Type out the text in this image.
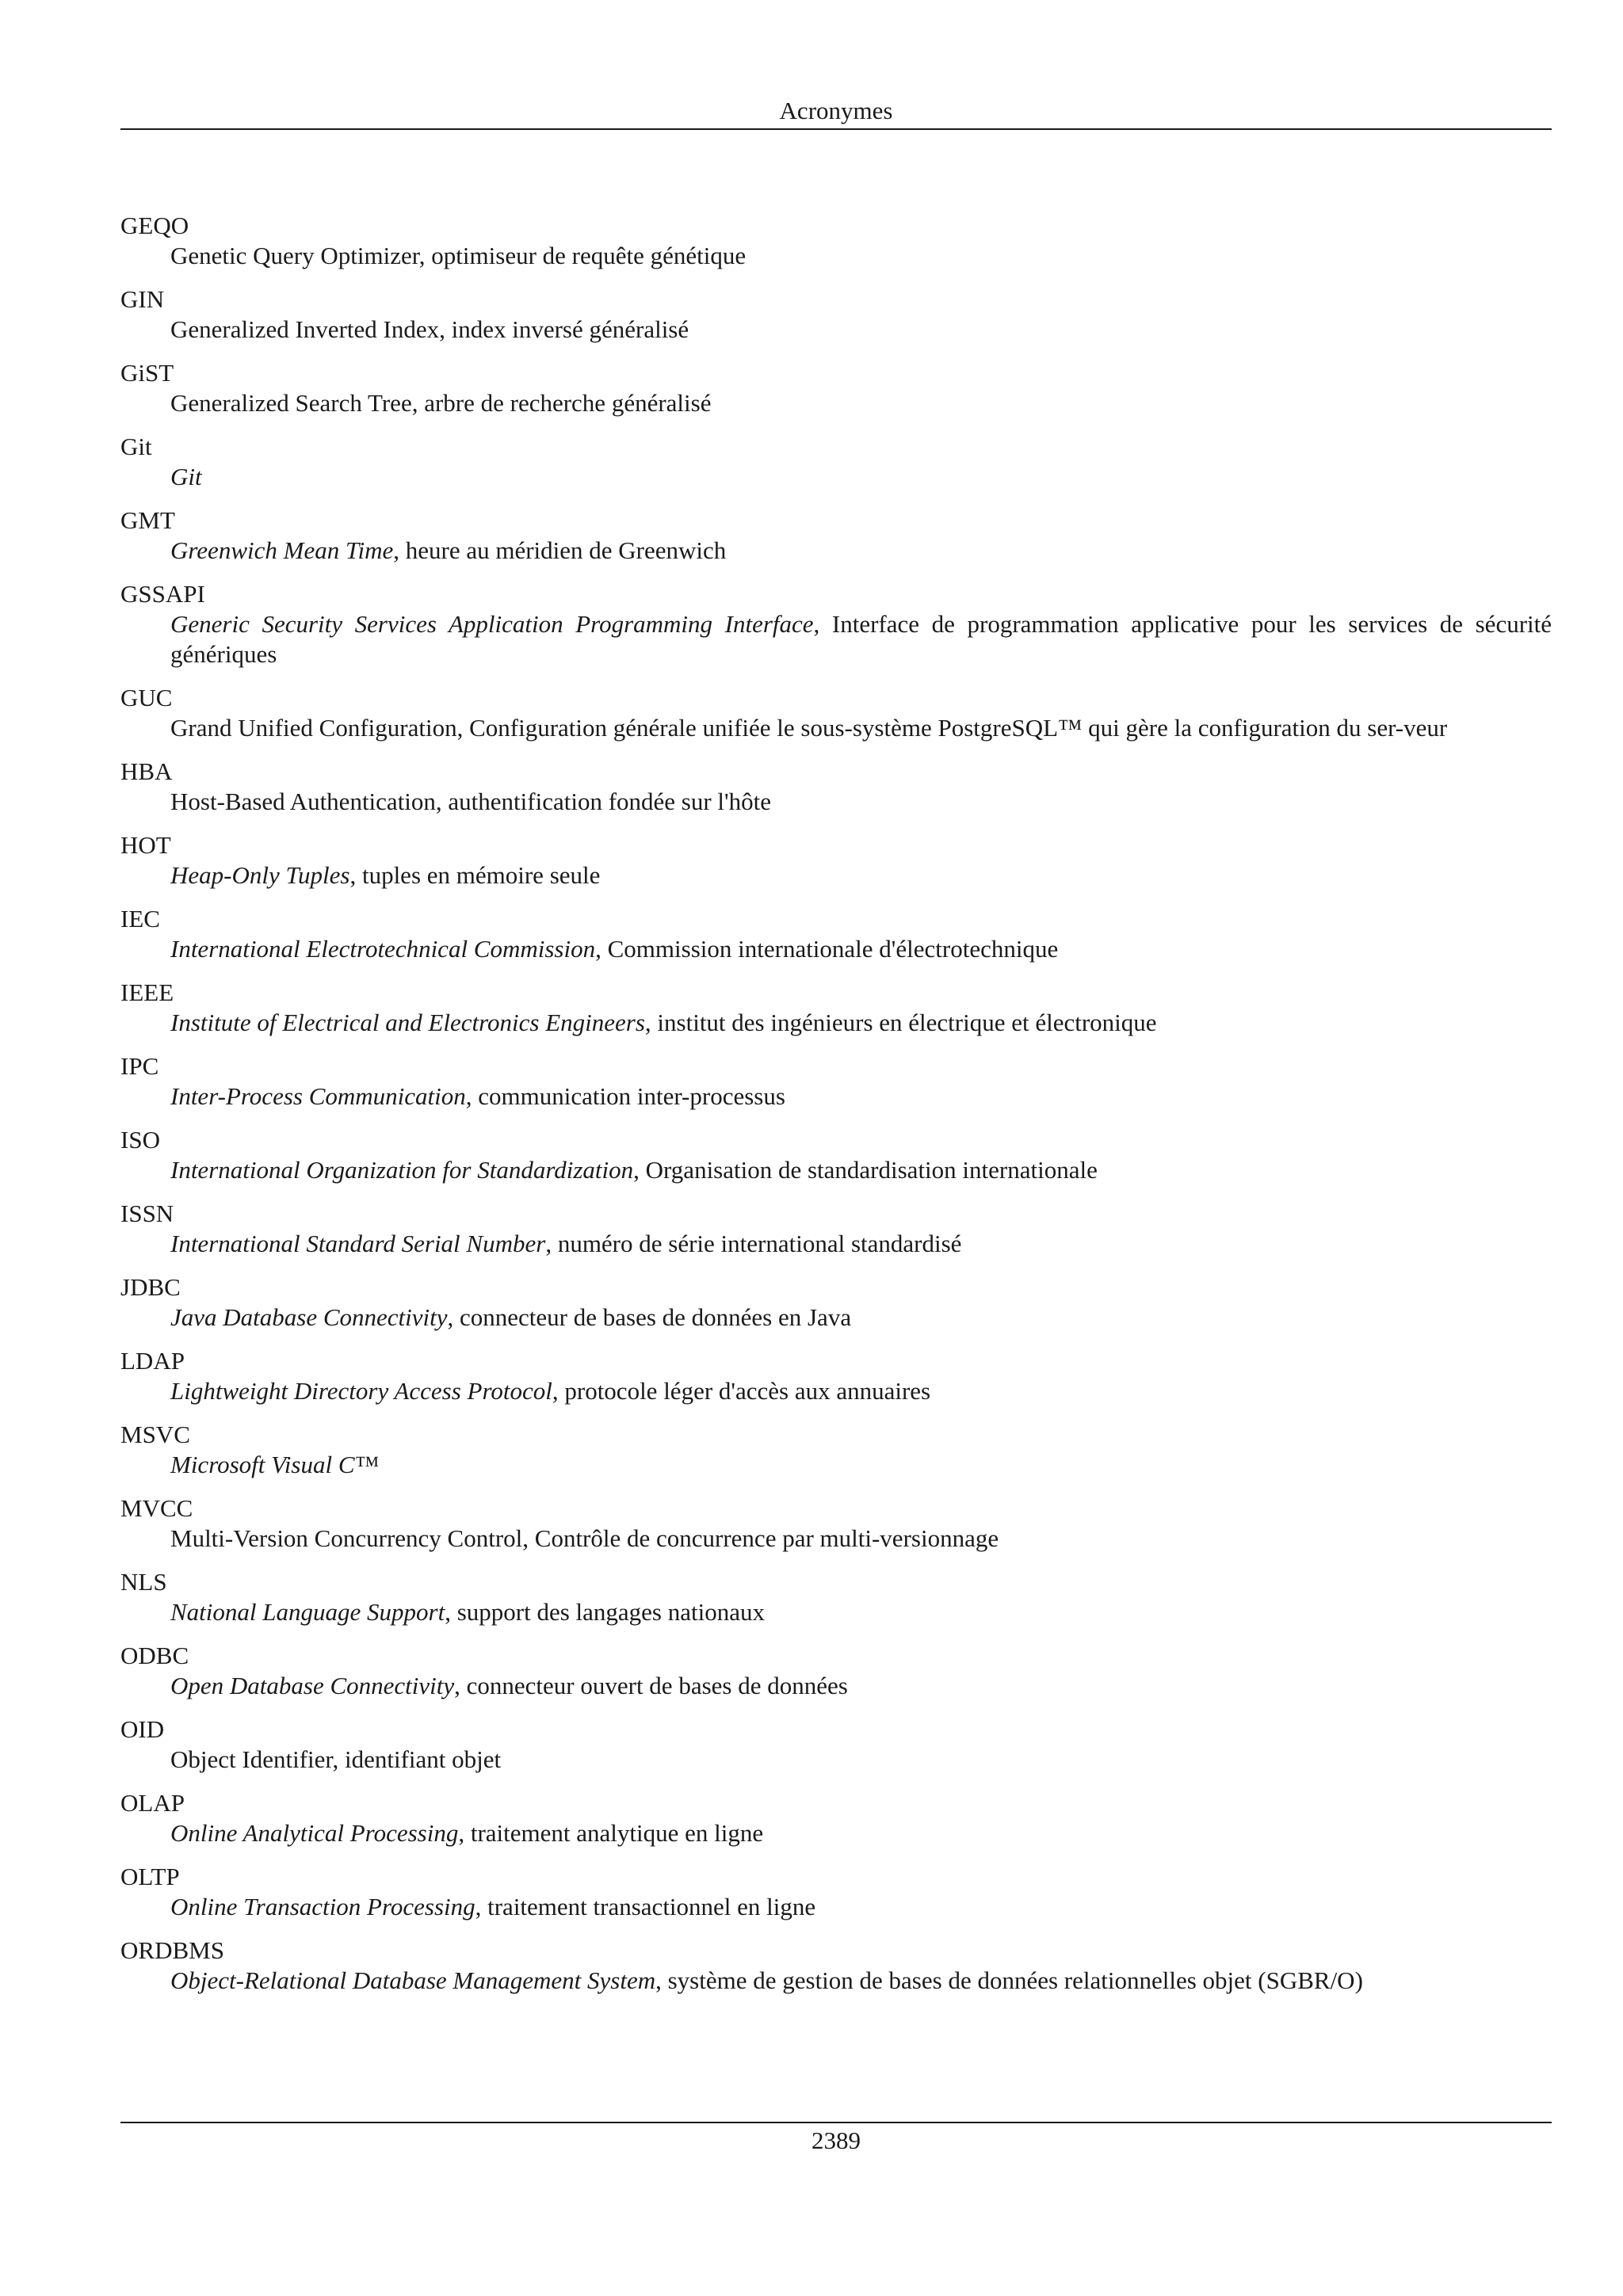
Acronymes
GEQO
Genetic Query Optimizer, optimiseur de requête génétique
GIN
Generalized Inverted Index, index inversé généralisé
GiST
Generalized Search Tree, arbre de recherche généralisé
Git
Git
GMT
Greenwich Mean Time, heure au méridien de Greenwich
GSSAPI
Generic Security Services Application Programming Interface, Interface de programmation applicative pour les services de sécurité génériques
GUC
Grand Unified Configuration, Configuration générale unifiée le sous-système PostgreSQL™ qui gère la configuration du ser-veur
HBA
Host-Based Authentication, authentification fondée sur l'hôte
HOT
Heap-Only Tuples, tuples en mémoire seule
IEC
International Electrotechnical Commission, Commission internationale d'électrotechnique
IEEE
Institute of Electrical and Electronics Engineers, institut des ingénieurs en électrique et électronique
IPC
Inter-Process Communication, communication inter-processus
ISO
International Organization for Standardization, Organisation de standardisation internationale
ISSN
International Standard Serial Number, numéro de série international standardisé
JDBC
Java Database Connectivity, connecteur de bases de données en Java
LDAP
Lightweight Directory Access Protocol, protocole léger d'accès aux annuaires
MSVC
Microsoft Visual C™
MVCC
Multi-Version Concurrency Control, Contrôle de concurrence par multi-versionnage
NLS
National Language Support, support des langages nationaux
ODBC
Open Database Connectivity, connecteur ouvert de bases de données
OID
Object Identifier, identifiant objet
OLAP
Online Analytical Processing, traitement analytique en ligne
OLTP
Online Transaction Processing, traitement transactionnel en ligne
ORDBMS
Object-Relational Database Management System, système de gestion de bases de données relationnelles objet (SGBR/O)
2389
